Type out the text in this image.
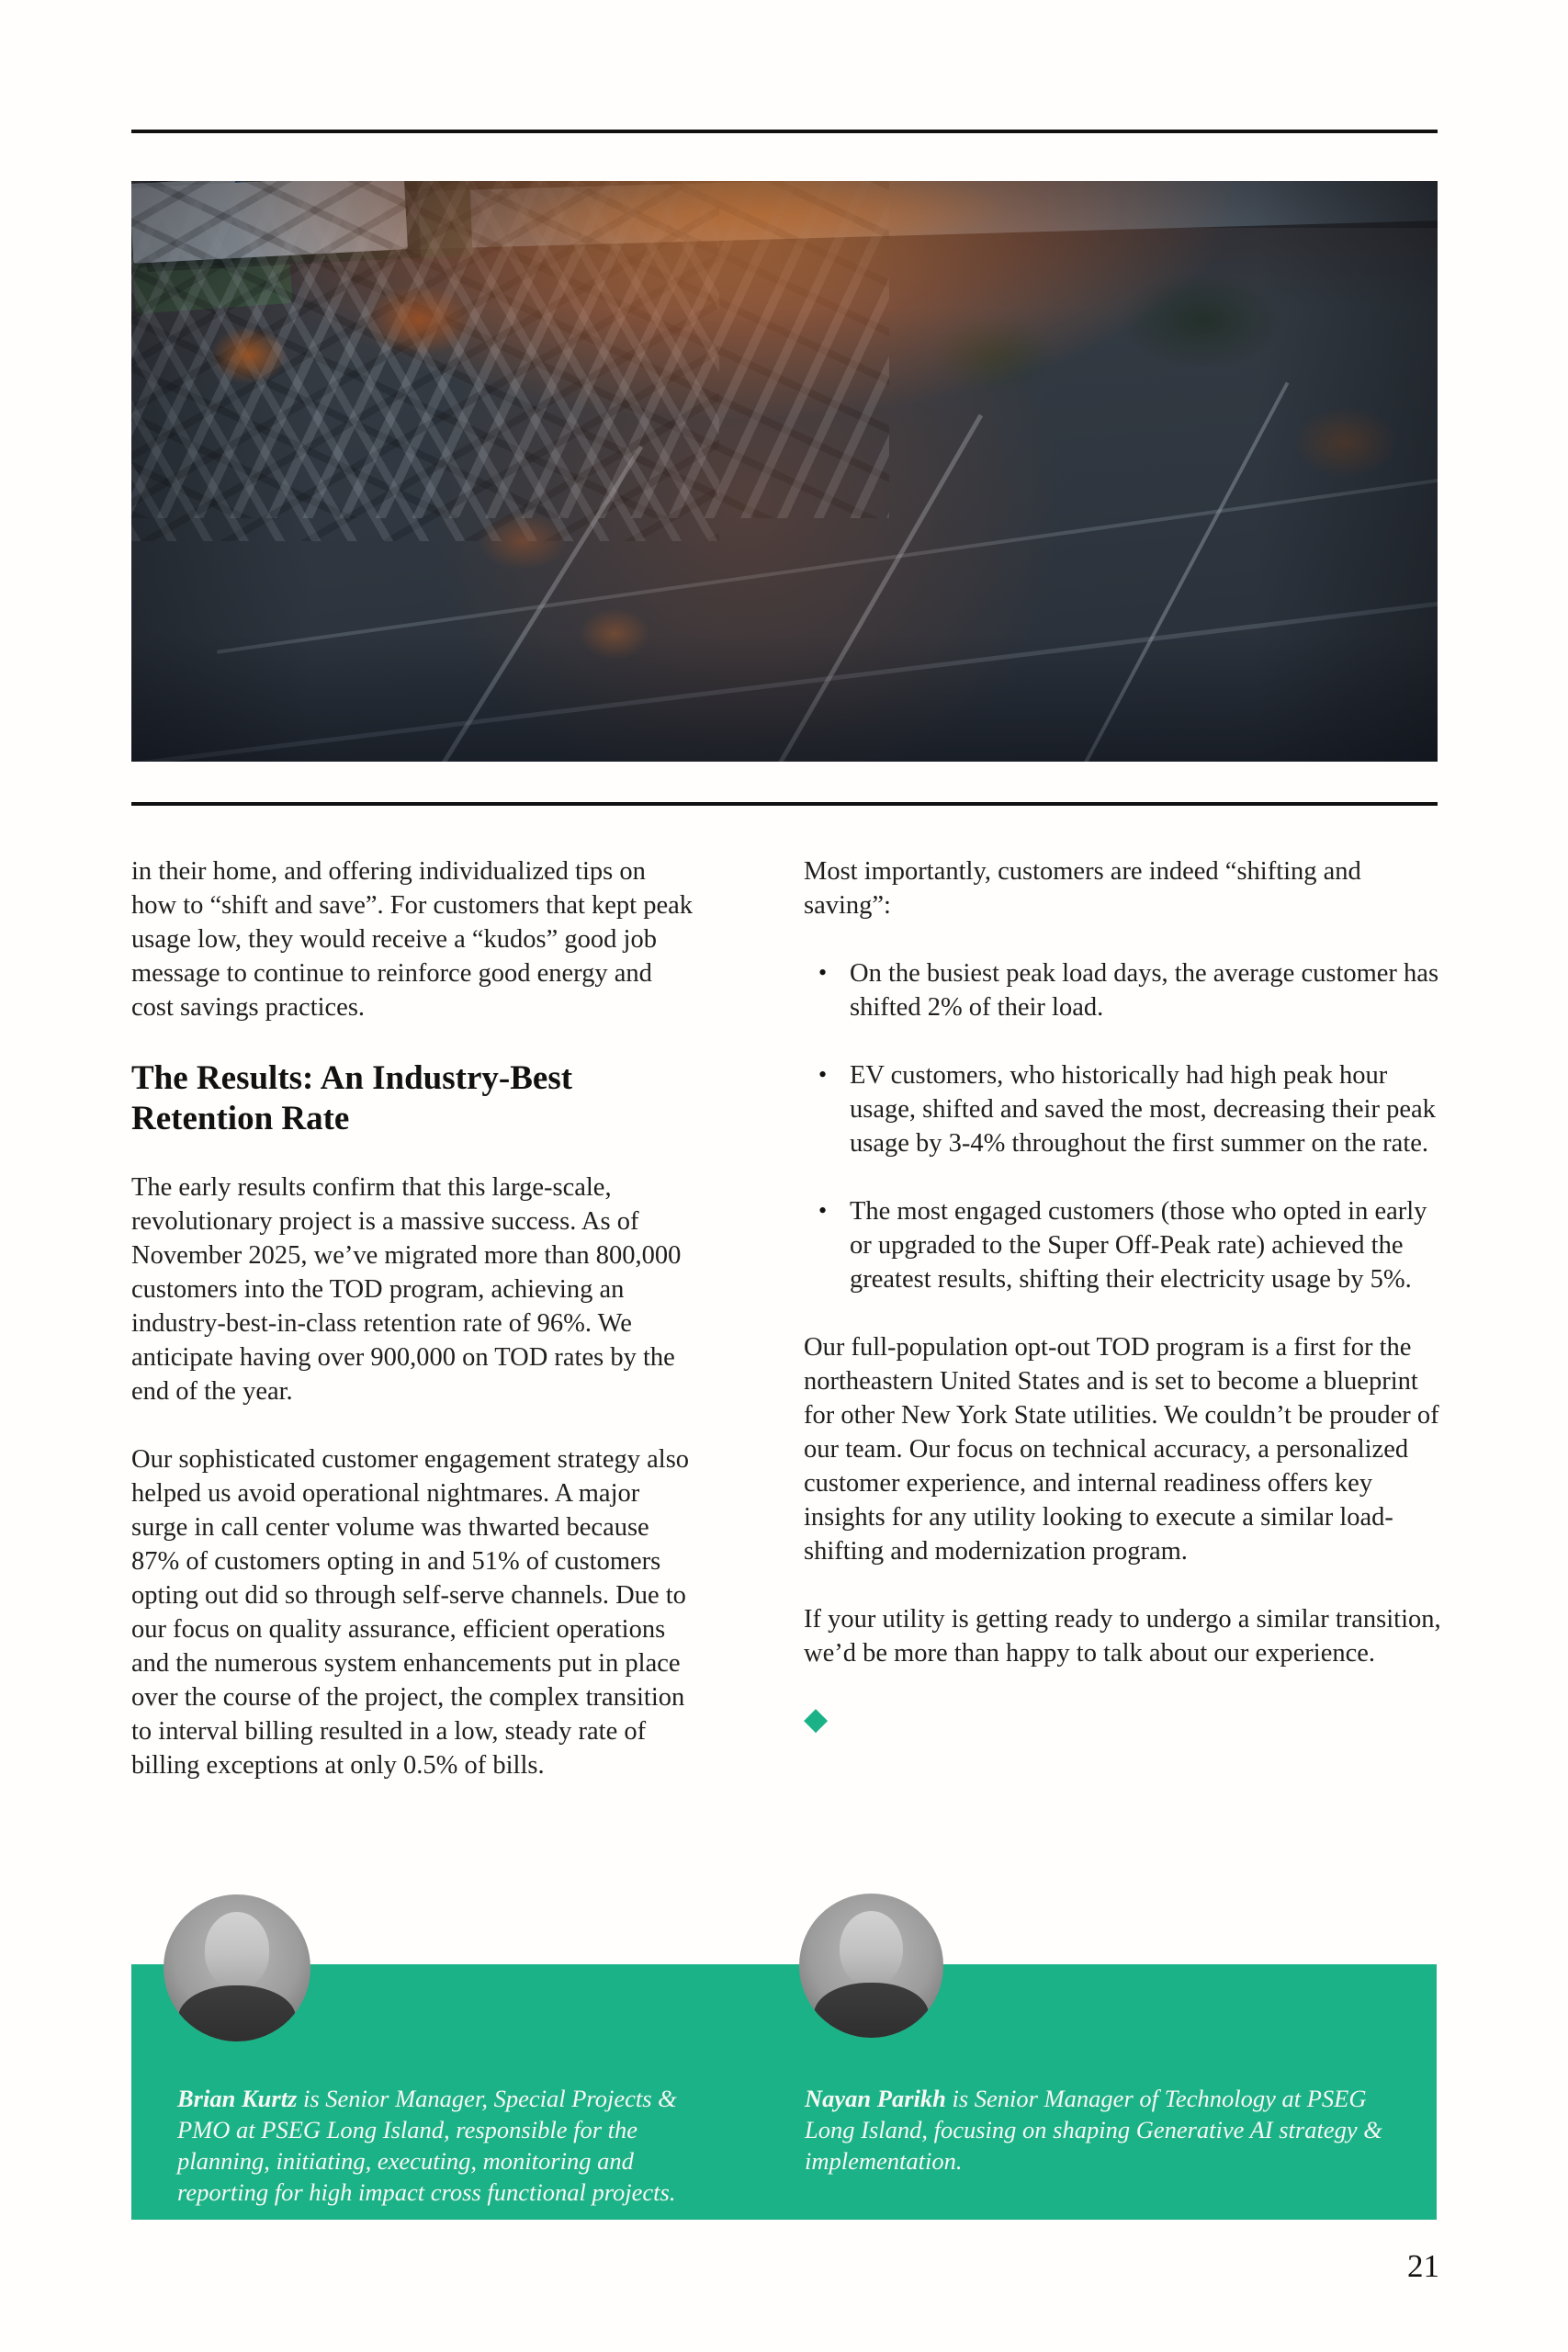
in their home, and offering individualized tips on how to “shift and save”. For customers that kept peak usage low, they would receive a “kudos” good job message to continue to reinforce good energy and cost savings practices.

The Results: An Industry-Best
Retention Rate

The early results confirm that this large-scale, revolutionary project is a massive success. As of November 2025, we’ve migrated more than 800,000 customers into the TOD program, achieving an industry-best-in-class retention rate of 96%. We anticipate having over 900,000 on TOD rates by the end of the year.

Our sophisticated customer engagement strategy also helped us avoid operational nightmares. A major surge in call center volume was thwarted because 87% of customers opting in and 51% of customers opting out did so through self-serve channels. Due to our focus on quality assurance, efficient operations and the numerous system enhancements put in place over the course of the project, the complex transition to interval billing resulted in a low, steady rate of billing exceptions at only 0.5% of bills.

Most importantly, customers are indeed “shifting and saving”:

• On the busiest peak load days, the average customer has shifted 2% of their load.
• EV customers, who historically had high peak hour usage, shifted and saved the most, decreasing their peak usage by 3-4% throughout the first summer on the rate.
• The most engaged customers (those who opted in early or upgraded to the Super Off-Peak rate) achieved the greatest results, shifting their electricity usage by 5%.

Our full-population opt-out TOD program is a first for the northeastern United States and is set to become a blueprint for other New York State utilities. We couldn’t be prouder of our team. Our focus on technical accuracy, a personalized customer experience, and internal readiness offers key insights for any utility looking to execute a similar load-shifting and modernization program.

If your utility is getting ready to undergo a similar transition, we’d be more than happy to talk about our experience.

◆

Brian Kurtz is Senior Manager, Special Projects & PMO at PSEG Long Island, responsible for the planning, initiating, executing, monitoring and reporting for high impact cross functional projects.

Nayan Parikh is Senior Manager of Technology at PSEG Long Island, focusing on shaping Generative AI strategy & implementation.

21
